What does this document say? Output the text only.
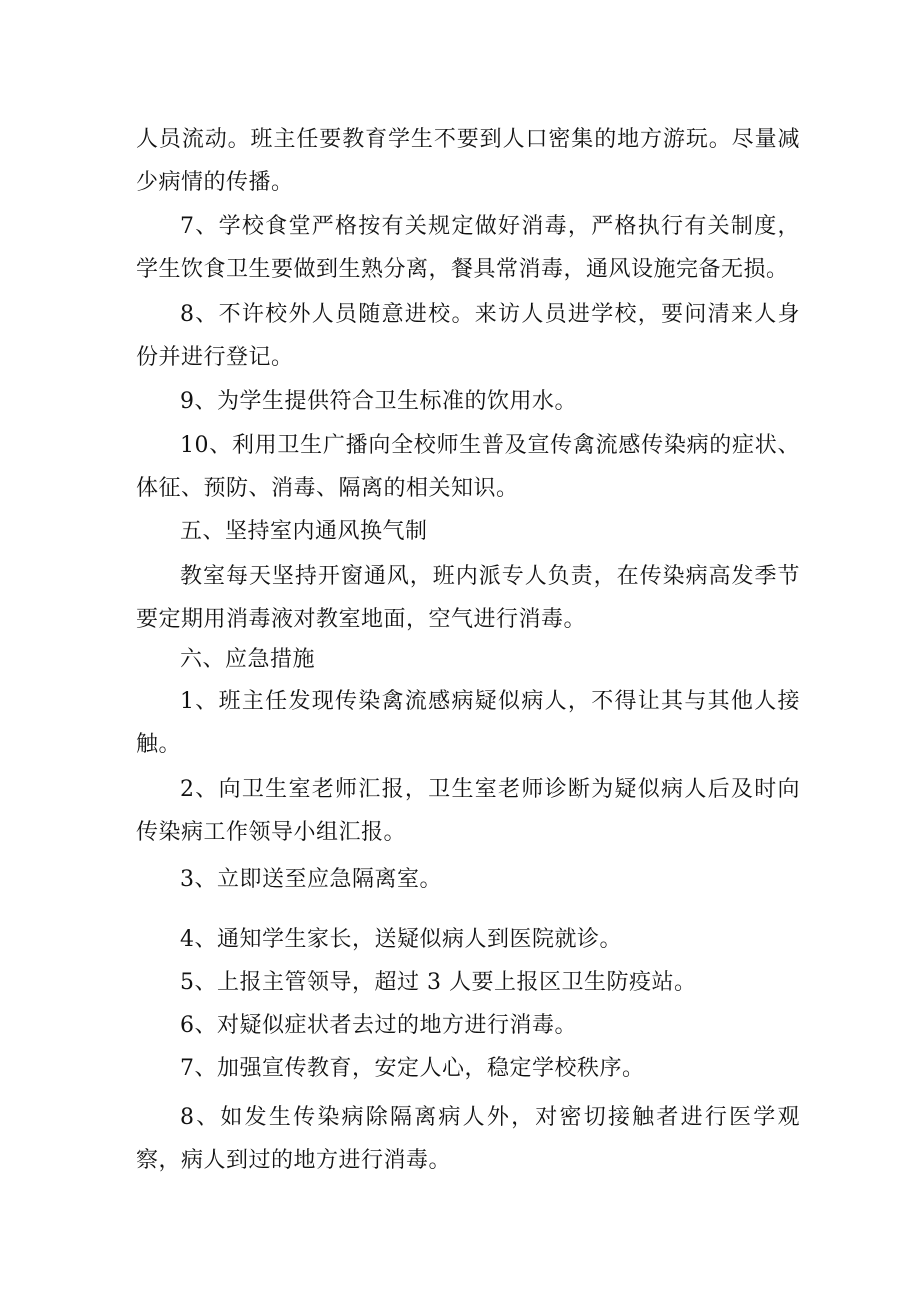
人员流动。班主任要教育学生不要到人口密集的地方游玩。尽量减少病情的传播。

7、学校食堂严格按有关规定做好消毒，严格执行有关制度，学生饮食卫生要做到生熟分离，餐具常消毒，通风设施完备无损。

8、不许校外人员随意进校。来访人员进学校，要问清来人身份并进行登记。

9、为学生提供符合卫生标准的饮用水。

10、利用卫生广播向全校师生普及宣传禽流感传染病的症状、体征、预防、消毒、隔离的相关知识。

五、坚持室内通风换气制

教室每天坚持开窗通风，班内派专人负责，在传染病高发季节要定期用消毒液对教室地面，空气进行消毒。

六、应急措施

1、班主任发现传染禽流感病疑似病人，不得让其与其他人接触。

2、向卫生室老师汇报，卫生室老师诊断为疑似病人后及时向传染病工作领导小组汇报。

3、立即送至应急隔离室。

4、通知学生家长，送疑似病人到医院就诊。

5、上报主管领导，超过 3 人要上报区卫生防疫站。

6、对疑似症状者去过的地方进行消毒。

7、加强宣传教育，安定人心，稳定学校秩序。

8、如发生传染病除隔离病人外，对密切接触者进行医学观察，病人到过的地方进行消毒。
